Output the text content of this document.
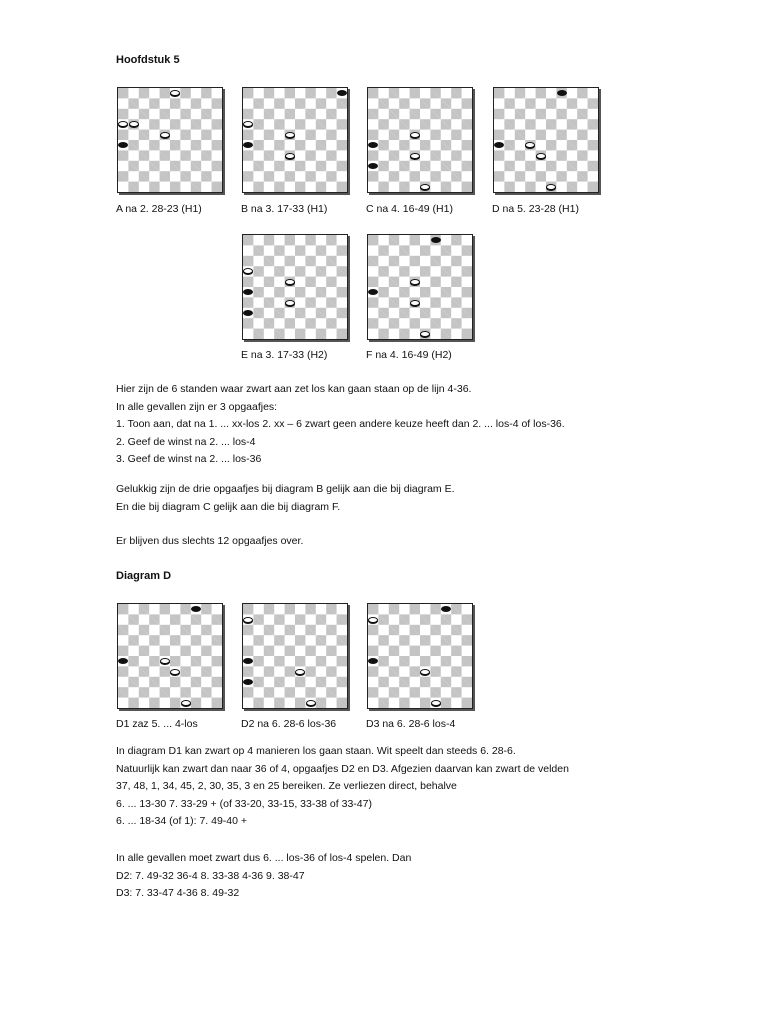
Hoofdstuk 5
A na 2. 28-23 (H1)	B na 3. 17-33 (H1)	C na 4. 16-49 (H1)	D na 5. 23-28 (H1)
E na 3. 17-33 (H2)	F na 4. 16-49 (H2)
Hier zijn de 6 standen waar zwart aan zet los kan gaan staan op de lijn 4-36.
In alle gevallen zijn er 3 opgaafjes:
1. Toon aan, dat na 1. ... xx-los 2. xx – 6 zwart geen andere keuze heeft dan 2. ... los-4 of los-36.
2. Geef de winst na 2. ... los-4
3. Geef de winst na 2. ... los-36
Gelukkig zijn de drie opgaafjes bij diagram B gelijk aan die bij diagram E.
En die bij diagram C gelijk aan die bij diagram F.
Er blijven dus slechts 12 opgaafjes over.
Diagram D
D1 zaz 5. ... 4-los	D2 na 6. 28-6 los-36	D3 na 6. 28-6 los-4
In diagram D1 kan zwart op 4 manieren los gaan staan. Wit speelt dan steeds 6. 28-6.
Natuurlijk kan zwart dan naar 36 of 4, opgaafjes D2 en D3. Afgezien daarvan kan zwart de velden
37, 48, 1, 34, 45, 2, 30, 35, 3 en 25 bereiken. Ze verliezen direct, behalve
6. ... 13-30 7. 33-29 + (of 33-20, 33-15, 33-38 of 33-47)
6. ... 18-34 (of 1): 7. 49-40 +
In alle gevallen moet zwart dus 6. ... los-36 of los-4 spelen. Dan
D2: 7. 49-32 36-4 8. 33-38 4-36 9. 38-47
D3: 7. 33-47 4-36 8. 49-32
